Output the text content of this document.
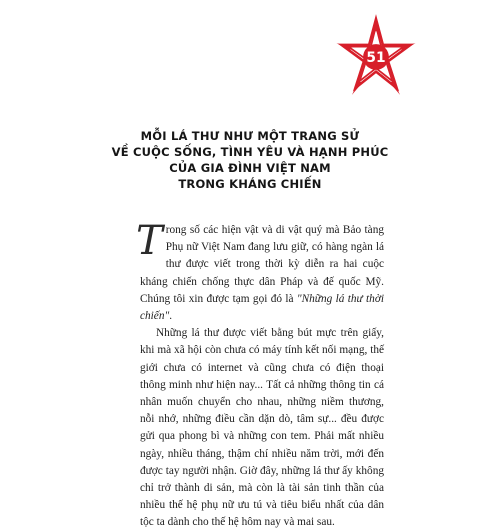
51
MỖI LÁ THƯ NHƯ MỘT TRANG SỬ
VỀ CUỘC SỐNG, TÌNH YÊU VÀ HẠNH PHÚC
CỦA GIA ĐÌNH VIỆT NAM
TRONG KHÁNG CHIẾN

Trong số các hiện vật và di vật quý mà Bảo tàng Phụ nữ Việt Nam đang lưu giữ, có hàng ngàn lá thư được viết trong thời kỳ diễn ra hai cuộc kháng chiến chống thực dân Pháp và đế quốc Mỹ. Chúng tôi xin được tạm gọi đó là "Những lá thư thời chiến".

Những lá thư được viết bằng bút mực trên giấy, khi mà xã hội còn chưa có máy tính kết nối mạng, thế giới chưa có internet và cũng chưa có điện thoại thông minh như hiện nay... Tất cả những thông tin cá nhân muốn chuyển cho nhau, những niềm thương, nỗi nhớ, những điều cần dặn dò, tâm sự... đều được gửi qua phong bì và những con tem. Phải mất nhiều ngày, nhiều tháng, thậm chí nhiều năm trời, mới đến được tay người nhận. Giờ đây, những lá thư ấy không chỉ trở thành di sản, mà còn là tài sản tinh thần của nhiều thế hệ phụ nữ ưu tú và tiêu biểu nhất của dân tộc ta dành cho thế hệ hôm nay và mai sau.
